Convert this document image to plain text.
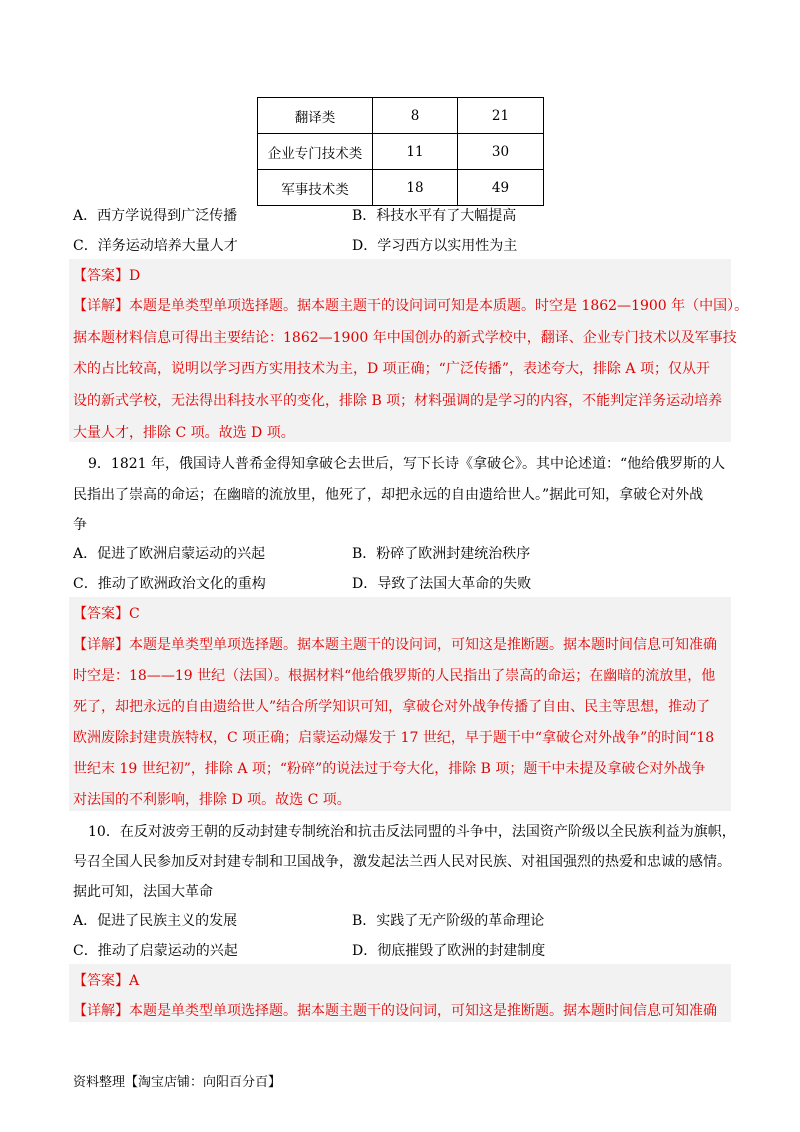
翻译类	8	21
企业专门技术类	11	30
军事技术类	18	49
A．西方学说得到广泛传播	B．科技水平有了大幅提高
C．洋务运动培养大量人才	D．学习西方以实用性为主
【答案】D
【详解】本题是单类型单项选择题。据本题主题干的设问词可知是本质题。时空是 1862—1900 年（中国）。
据本题材料信息可得出主要结论：1862—1900 年中国创办的新式学校中，翻译、企业专门技术以及军事技
术的占比较高，说明以学习西方实用技术为主，D 项正确；“广泛传播”，表述夸大，排除 A 项；仅从开
设的新式学校，无法得出科技水平的变化，排除 B 项；材料强调的是学习的内容，不能判定洋务运动培养
大量人才，排除 C 项。故选 D 项。
9．1821 年，俄国诗人普希金得知拿破仑去世后，写下长诗《拿破仑》。其中论述道：“他给俄罗斯的人
民指出了崇高的命运；在幽暗的流放里，他死了，却把永远的自由遗给世人。”据此可知，拿破仑对外战
争
A．促进了欧洲启蒙运动的兴起	B．粉碎了欧洲封建统治秩序
C．推动了欧洲政治文化的重构	D．导致了法国大革命的失败
【答案】C
【详解】本题是单类型单项选择题。据本题主题干的设问词，可知这是推断题。据本题时间信息可知准确
时空是：18——19 世纪（法国）。根据材料“他给俄罗斯的人民指出了崇高的命运；在幽暗的流放里，他
死了，却把永远的自由遗给世人”结合所学知识可知，拿破仑对外战争传播了自由、民主等思想，推动了
欧洲废除封建贵族特权，C 项正确；启蒙运动爆发于 17 世纪，早于题干中“拿破仑对外战争”的时间“18
世纪末 19 世纪初”，排除 A 项；“粉碎”的说法过于夸大化，排除 B 项；题干中未提及拿破仑对外战争
对法国的不利影响，排除 D 项。故选 C 项。
10．在反对波旁王朝的反动封建专制统治和抗击反法同盟的斗争中，法国资产阶级以全民族利益为旗帜，
号召全国人民参加反对封建专制和卫国战争，激发起法兰西人民对民族、对祖国强烈的热爱和忠诚的感情。
据此可知，法国大革命
A．促进了民族主义的发展	B．实践了无产阶级的革命理论
C．推动了启蒙运动的兴起	D．彻底摧毁了欧洲的封建制度
【答案】A
【详解】本题是单类型单项选择题。据本题主题干的设问词，可知这是推断题。据本题时间信息可知准确
资料整理【淘宝店铺：向阳百分百】
